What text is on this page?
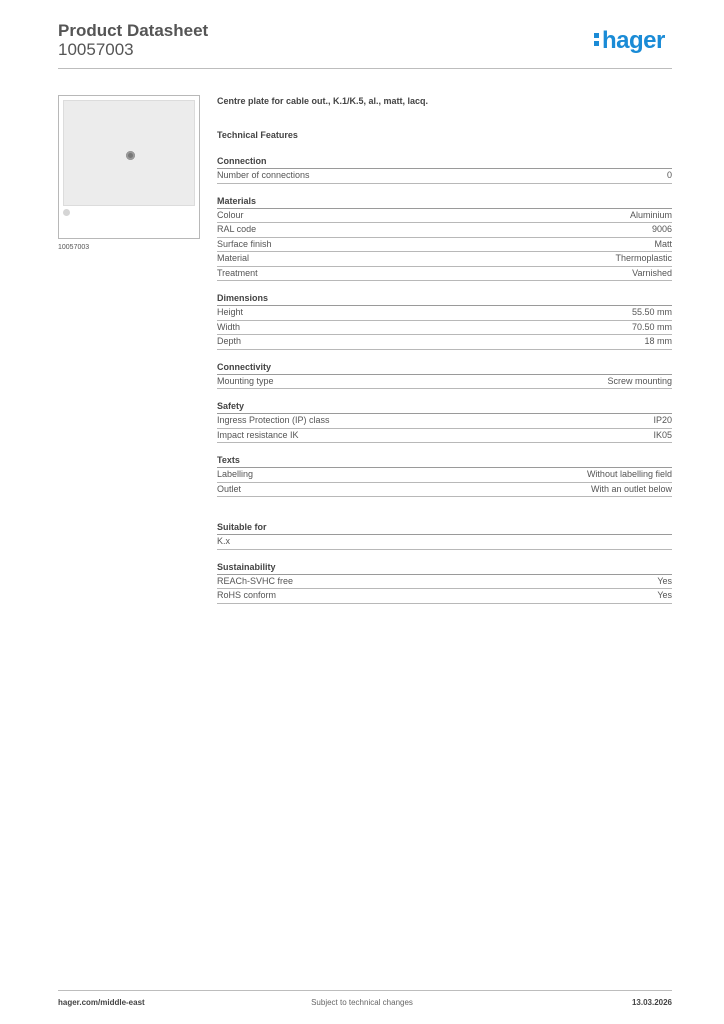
Product Datasheet
10057003	hager
10057003
Centre plate for cable out., K.1/K.5, al., matt, lacq.
Technical Features
Connection
Number of connections	0
Materials
Colour	Aluminium
RAL code	9006
Surface finish	Matt
Material	Thermoplastic
Treatment	Varnished
Dimensions
Height	55.50 mm
Width	70.50 mm
Depth	18 mm
Connectivity
Mounting type	Screw mounting
Safety
Ingress Protection (IP) class	IP20
Impact resistance IK	IK05
Texts
Labelling	Without labelling field
Outlet	With an outlet below
Suitable for
K.x
Sustainability
REACh-SVHC free	Yes
RoHS conform	Yes
hager.com/middle-east	Subject to technical changes	13.03.2026
